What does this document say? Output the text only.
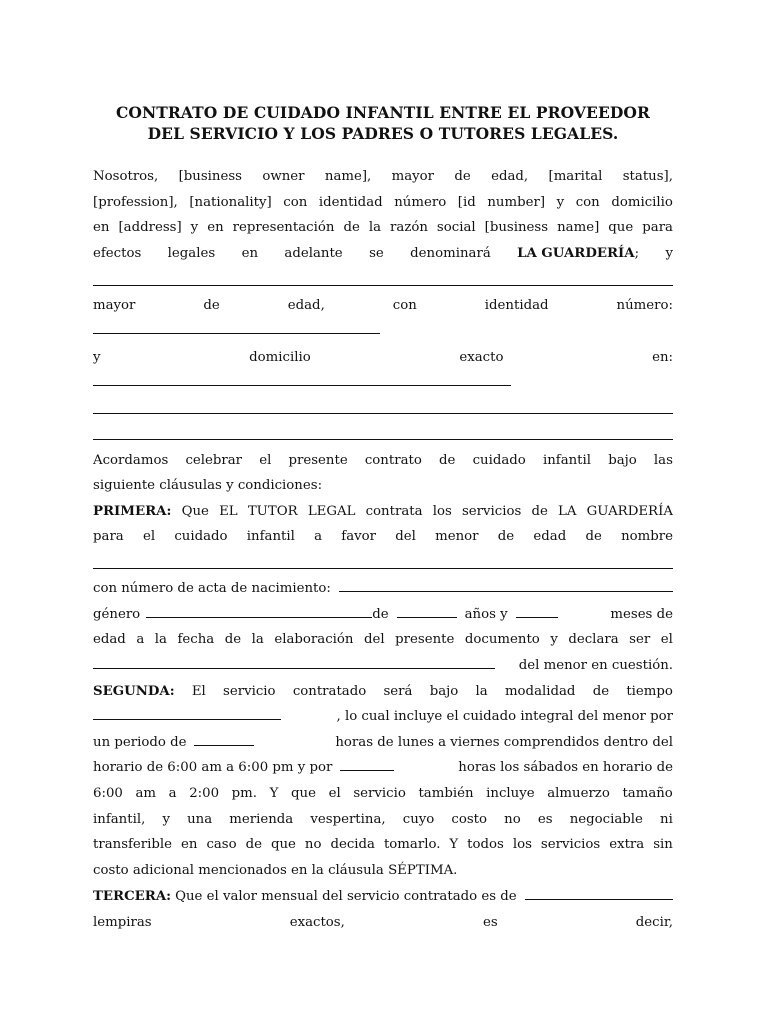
CONTRATO DE CUIDADO INFANTIL ENTRE EL PROVEEDOR
DEL SERVICIO Y LOS PADRES O TUTORES LEGALES.
Nosotros, [business owner name], mayor de edad, [marital status],
[profession], [nationality] con identidad número [id number] y con domicilio
en [address] y en representación de la razón social [business name] que para
efectos legales en adelante se denominará LA GUARDERÍA; y
mayor	de	edad,	con	identidad	número:
y	domicilio	exacto	en:
Acordamos celebrar el presente contrato de cuidado infantil bajo las
siguiente cláusulas y condiciones:
PRIMERA: Que EL TUTOR LEGAL contrata los servicios de LA GUARDERÍA
para el cuidado infantil a favor del menor de edad de nombre
con número de acta de nacimiento:
género	de	años y	meses de
edad a la fecha de la elaboración del presente documento y declara ser el
del menor en cuestión.
SEGUNDA: El servicio contratado será bajo la modalidad de tiempo
, lo cual incluye el cuidado integral del menor por
un periodo de	horas de lunes a viernes comprendidos dentro del
horario de 6:00 am a 6:00 pm y por	horas los sábados en horario de
6:00 am a 2:00 pm. Y que el servicio también incluye almuerzo tamaño
infantil, y una merienda vespertina, cuyo costo no es negociable ni
transferible en caso de que no decida tomarlo. Y todos los servicios extra sin
costo adicional mencionados en la cláusula SÉPTIMA.
TERCERA: Que el valor mensual del servicio contratado es de
lempiras	exactos,	es	decir,
